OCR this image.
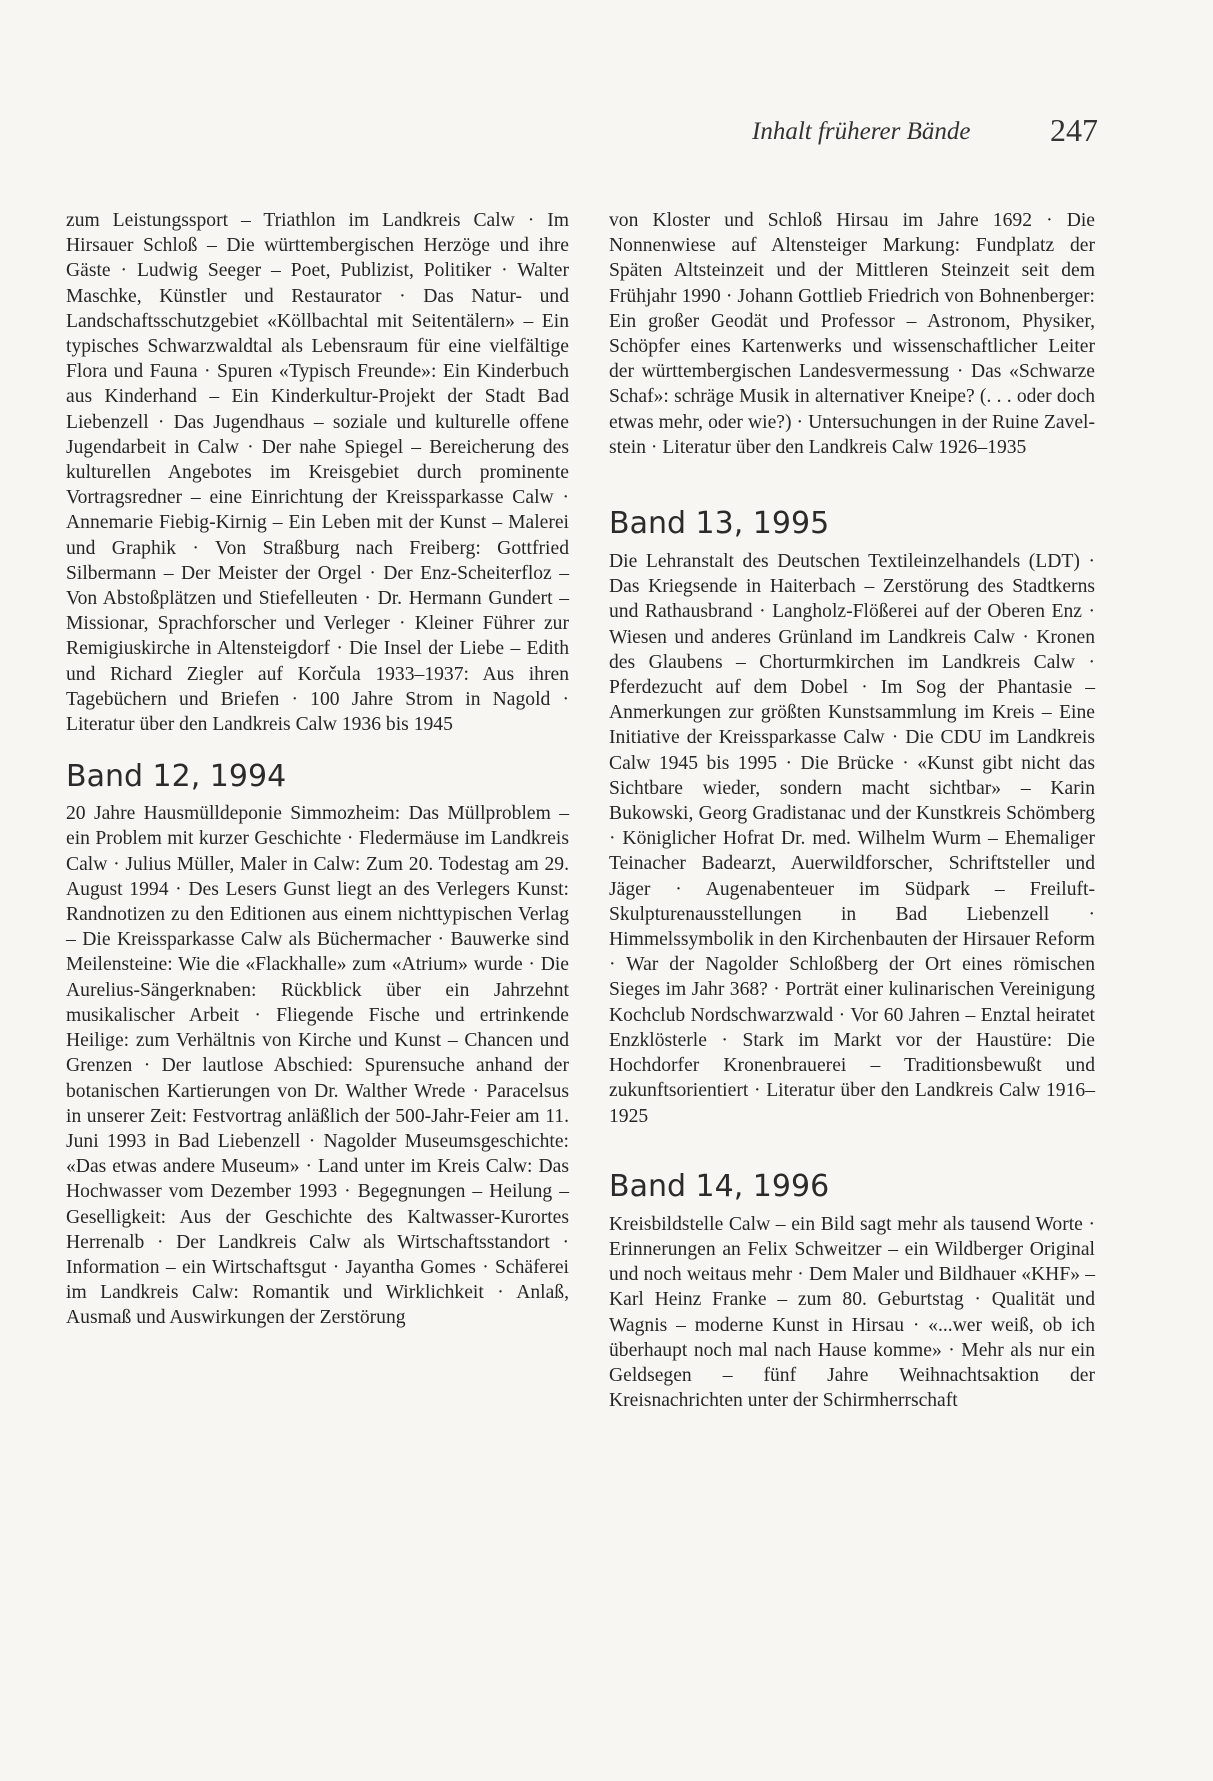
Inhalt früherer Bände 247

zum Leistungssport – Triathlon im Landkreis Calw · Im Hirsauer Schloß – Die württembergischen Herzöge und ihre Gäste · Ludwig Seeger – Poet, Publizist, Politiker · Walter Maschke, Künstler und Restaurator · Das Natur- und Landschaftsschutzgebiet «Köllbachtal mit Seitentälern» – Ein typisches Schwarzwaldtal als Lebensraum für eine vielfältige Flora und Fauna · Spuren «Typisch Freunde»: Ein Kinderbuch aus Kinderhand – Ein Kinderkultur-Projekt der Stadt Bad Liebenzell · Das Jugendhaus – soziale und kulturelle offene Jugendarbeit in Calw · Der nahe Spiegel – Bereicherung des kulturellen Angebotes im Kreisgebiet durch prominente Vortragsredner – eine Einrichtung der Kreissparkasse Calw · Annemarie Fiebig-Kirnig – Ein Leben mit der Kunst – Malerei und Graphik · Von Straßburg nach Freiberg: Gottfried Silbermann – Der Meister der Orgel · Der Enz-Scheiterfloz – Von Abstoßplätzen und Stiefelleuten · Dr. Hermann Gundert – Missionar, Sprachforscher und Verleger · Kleiner Führer zur Remigiuskirche in Altensteigdorf · Die Insel der Liebe – Edith und Richard Ziegler auf Korčula 1933–1937: Aus ihren Tagebüchern und Briefen · 100 Jahre Strom in Nagold · Literatur über den Landkreis Calw 1936 bis 1945

Band 12, 1994

20 Jahre Hausmülldeponie Simmozheim: Das Müllproblem – ein Problem mit kurzer Geschichte · Fledermäuse im Landkreis Calw · Julius Müller, Maler in Calw: Zum 20. Todestag am 29. August 1994 · Des Lesers Gunst liegt an des Verlegers Kunst: Randnotizen zu den Editionen aus einem nichttypischen Verlag – Die Kreissparkasse Calw als Büchermacher · Bauwerke sind Meilensteine: Wie die «Flackhalle» zum «Atrium» wurde · Die Aurelius-Sängerknaben: Rückblick über ein Jahrzehnt musikalischer Arbeit · Fliegende Fische und ertrinkende Heilige: zum Verhältnis von Kirche und Kunst – Chancen und Grenzen · Der lautlose Abschied: Spurensuche anhand der botanischen Kartierungen von Dr. Walther Wrede · Paracelsus in unserer Zeit: Festvortrag anläßlich der 500-Jahr-Feier am 11. Juni 1993 in Bad Liebenzell · Nagolder Museumsgeschichte: «Das etwas andere Museum» · Land unter im Kreis Calw: Das Hochwasser vom Dezember 1993 · Begegnungen – Heilung – Geselligkeit: Aus der Geschichte des Kaltwasser-Kurortes Herrenalb · Der Landkreis Calw als Wirtschaftsstandort · Information – ein Wirtschaftsgut · Jayantha Gomes · Schäferei im Landkreis Calw: Romantik und Wirklichkeit · Anlaß, Ausmaß und Auswirkungen der Zerstörung

von Kloster und Schloß Hirsau im Jahre 1692 · Die Nonnenwiese auf Altensteiger Markung: Fundplatz der Späten Altsteinzeit und der Mittleren Steinzeit seit dem Frühjahr 1990 · Johann Gottlieb Friedrich von Bohnenberger: Ein großer Geodät und Professor – Astronom, Physiker, Schöpfer eines Kartenwerks und wissenschaftlicher Leiter der württembergischen Landesvermessung · Das «Schwarze Schaf»: schräge Musik in alternativer Kneipe? (. . . oder doch etwas mehr, oder wie?) · Untersuchungen in der Ruine Zavelstein · Literatur über den Landkreis Calw 1926–1935

Band 13, 1995

Die Lehranstalt des Deutschen Textileinzelhandels (LDT) · Das Kriegsende in Haiterbach – Zerstörung des Stadtkerns und Rathausbrand · Langholz-Flößerei auf der Oberen Enz · Wiesen und anderes Grünland im Landkreis Calw · Kronen des Glaubens – Chorturmkirchen im Landkreis Calw · Pferdezucht auf dem Dobel · Im Sog der Phantasie – Anmerkungen zur größten Kunstsammlung im Kreis – Eine Initiative der Kreissparkasse Calw · Die CDU im Landkreis Calw 1945 bis 1995 · Die Brücke · «Kunst gibt nicht das Sichtbare wieder, sondern macht sichtbar» – Karin Bukowski, Georg Gradistanac und der Kunstkreis Schömberg · Königlicher Hofrat Dr. med. Wilhelm Wurm – Ehemaliger Teinacher Badearzt, Auerwildforscher, Schriftsteller und Jäger · Augenabenteuer im Südpark – Freiluft-Skulpturenausstellungen in Bad Liebenzell · Himmelssymbolik in den Kirchenbauten der Hirsauer Reform · War der Nagolder Schloßberg der Ort eines römischen Sieges im Jahr 368? · Porträt einer kulinarischen Vereinigung Kochclub Nordschwarzwald · Vor 60 Jahren – Enztal heiratet Enzklösterle · Stark im Markt vor der Haustüre: Die Hochdorfer Kronenbrauerei – Traditionsbewußt und zukunftsorientiert · Literatur über den Landkreis Calw 1916–1925

Band 14, 1996

Kreisbildstelle Calw – ein Bild sagt mehr als tausend Worte · Erinnerungen an Felix Schweitzer – ein Wildberger Original und noch weitaus mehr · Dem Maler und Bildhauer «KHF» – Karl Heinz Franke – zum 80. Geburtstag · Qualität und Wagnis – moderne Kunst in Hirsau · «...wer weiß, ob ich überhaupt noch mal nach Hause komme» · Mehr als nur ein Geldsegen – fünf Jahre Weihnachtsaktion der Kreisnachrichten unter der Schirmherrschaft
